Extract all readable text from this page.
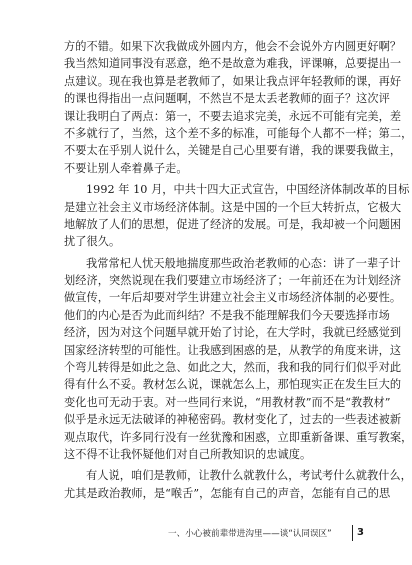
方的不错。如果下次我做成外圆内方，他会不会说外方内圆更好啊？
我当然知道同事没有恶意，绝不是故意为难我，评课嘛，总要提出一
点建议。现在我也算是老教师了，如果让我点评年轻教师的课，再好
的课也得指出一点问题啊，不然岂不是太丢老教师的面子？这次评
课让我明白了两点：第一，不要去追求完美，永远不可能有完美，差
不多就行了，当然，这个差不多的标准，可能每个人都不一样；第二，
不要太在乎别人说什么，关键是自己心里要有谱，我的课要我做主，
不要让别人牵着鼻子走。
1992 年 10 月，中共十四大正式宣告，中国经济体制改革的目标
是建立社会主义市场经济体制。这是中国的一个巨大转折点，它极大
地解放了人们的思想，促进了经济的发展。可是，我却被一个问题困
扰了很久。
我常常杞人忧天般地揣度那些政治老教师的心态：讲了一辈子计
划经济，突然说现在我们要建立市场经济了；一年前还在为计划经济
做宣传，一年后却要对学生讲建立社会主义市场经济体制的必要性。
他们的内心是否为此而纠结？不是我不能理解我们今天要选择市场
经济，因为对这个问题早就开始了讨论，在大学时，我就已经感觉到
国家经济转型的可能性。让我感到困惑的是，从教学的角度来讲，这
个弯儿转得是如此之急、如此之大，然而，我和我的同行们似乎对此
得有什么不妥。教材怎么说，课就怎么上，那怕现实正在发生巨大的
变化也可无动于衷。对一些同行来说，“用教材教”而不是“教教材”
似乎是永远无法破译的神秘密码。教材变化了，过去的一些表述被新
观点取代，许多同行没有一丝犹豫和困惑，立即重新备课、重写教案，
这不得不让我怀疑他们对自己所教知识的忠诚度。
有人说，咱们是教师，让教什么就教什么，考试考什么就教什么，
尤其是政治教师，是“喉舌”，怎能有自己的声音，怎能有自己的思
一、小心被前辈带进沟里——谈“认同误区”	3
